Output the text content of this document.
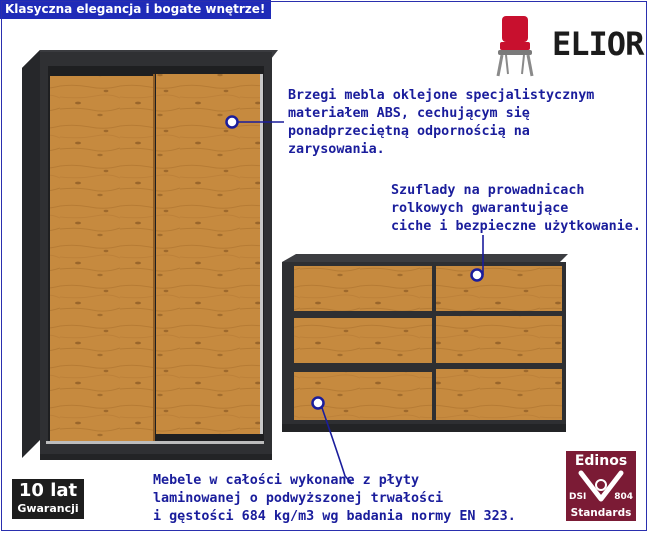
Klasyczna elegancja i bogate wnętrze!
ELIOR
Brzegi mebla oklejone specjalistycznym
materiałem ABS, cechującym się
ponadprzeciętną odpornością na
zarysowania.
Szuflady na prowadnicach
rolkowych gwarantujące
ciche i bezpieczne użytkowanie.
Mebele w całości wykonane z płyty
laminowanej o podwyższonej trwałości
i gęstości 684 kg/m3 wg badania normy EN 323.
10 lat
Gwarancji
Edinos
DSI	804
Standards
